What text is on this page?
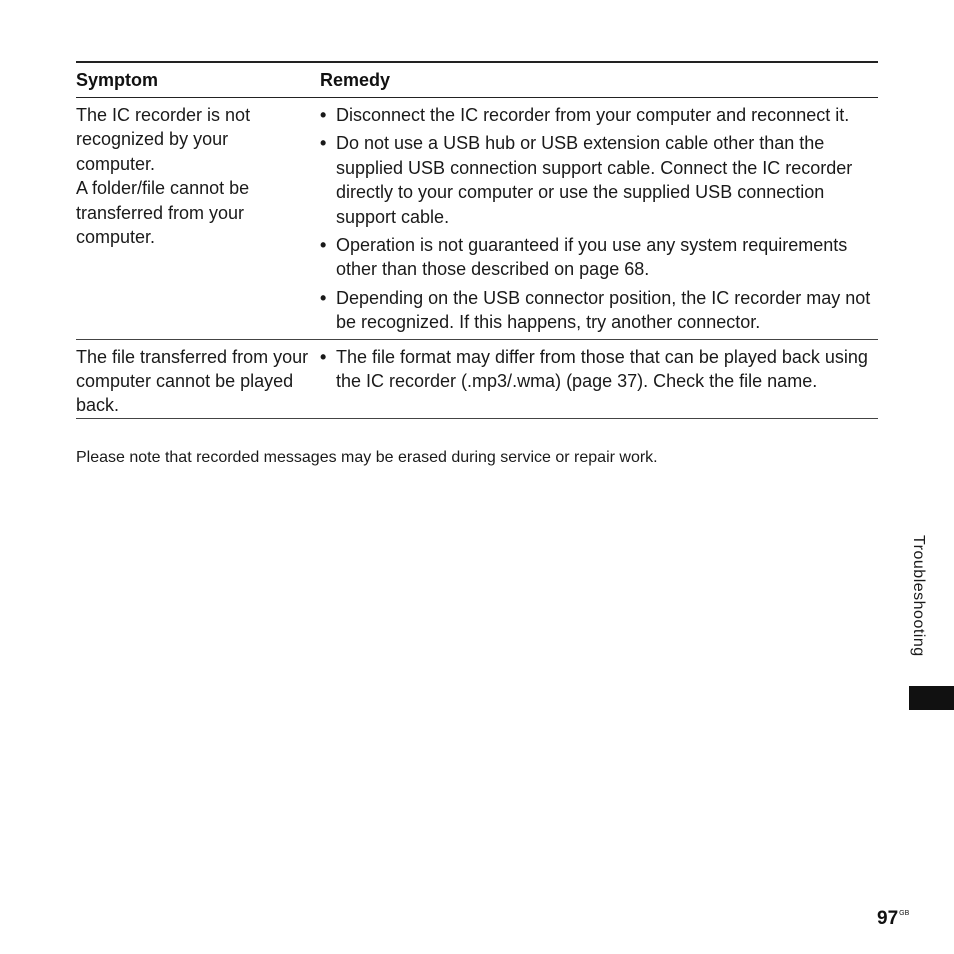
Symptom	Remedy

The IC recorder is not recognized by your computer.

A folder/file cannot be transferred from your computer.

• Disconnect the IC recorder from your computer and reconnect it.
• Do not use a USB hub or USB extension cable other than the supplied USB connection support cable. Connect the IC recorder directly to your computer or use the supplied USB connection support cable.
• Operation is not guaranteed if you use any system requirements other than those described on page 68.
• Depending on the USB connector position, the IC recorder may not be recognized. If this happens, try another connector.

The file transferred from your computer cannot be played back.

• The file format may differ from those that can be played back using the IC recorder (.mp3/.wma) (page 37). Check the file name.
Please note that recorded messages may be erased during service or repair work.
Troubleshooting
$97^{GB}$
